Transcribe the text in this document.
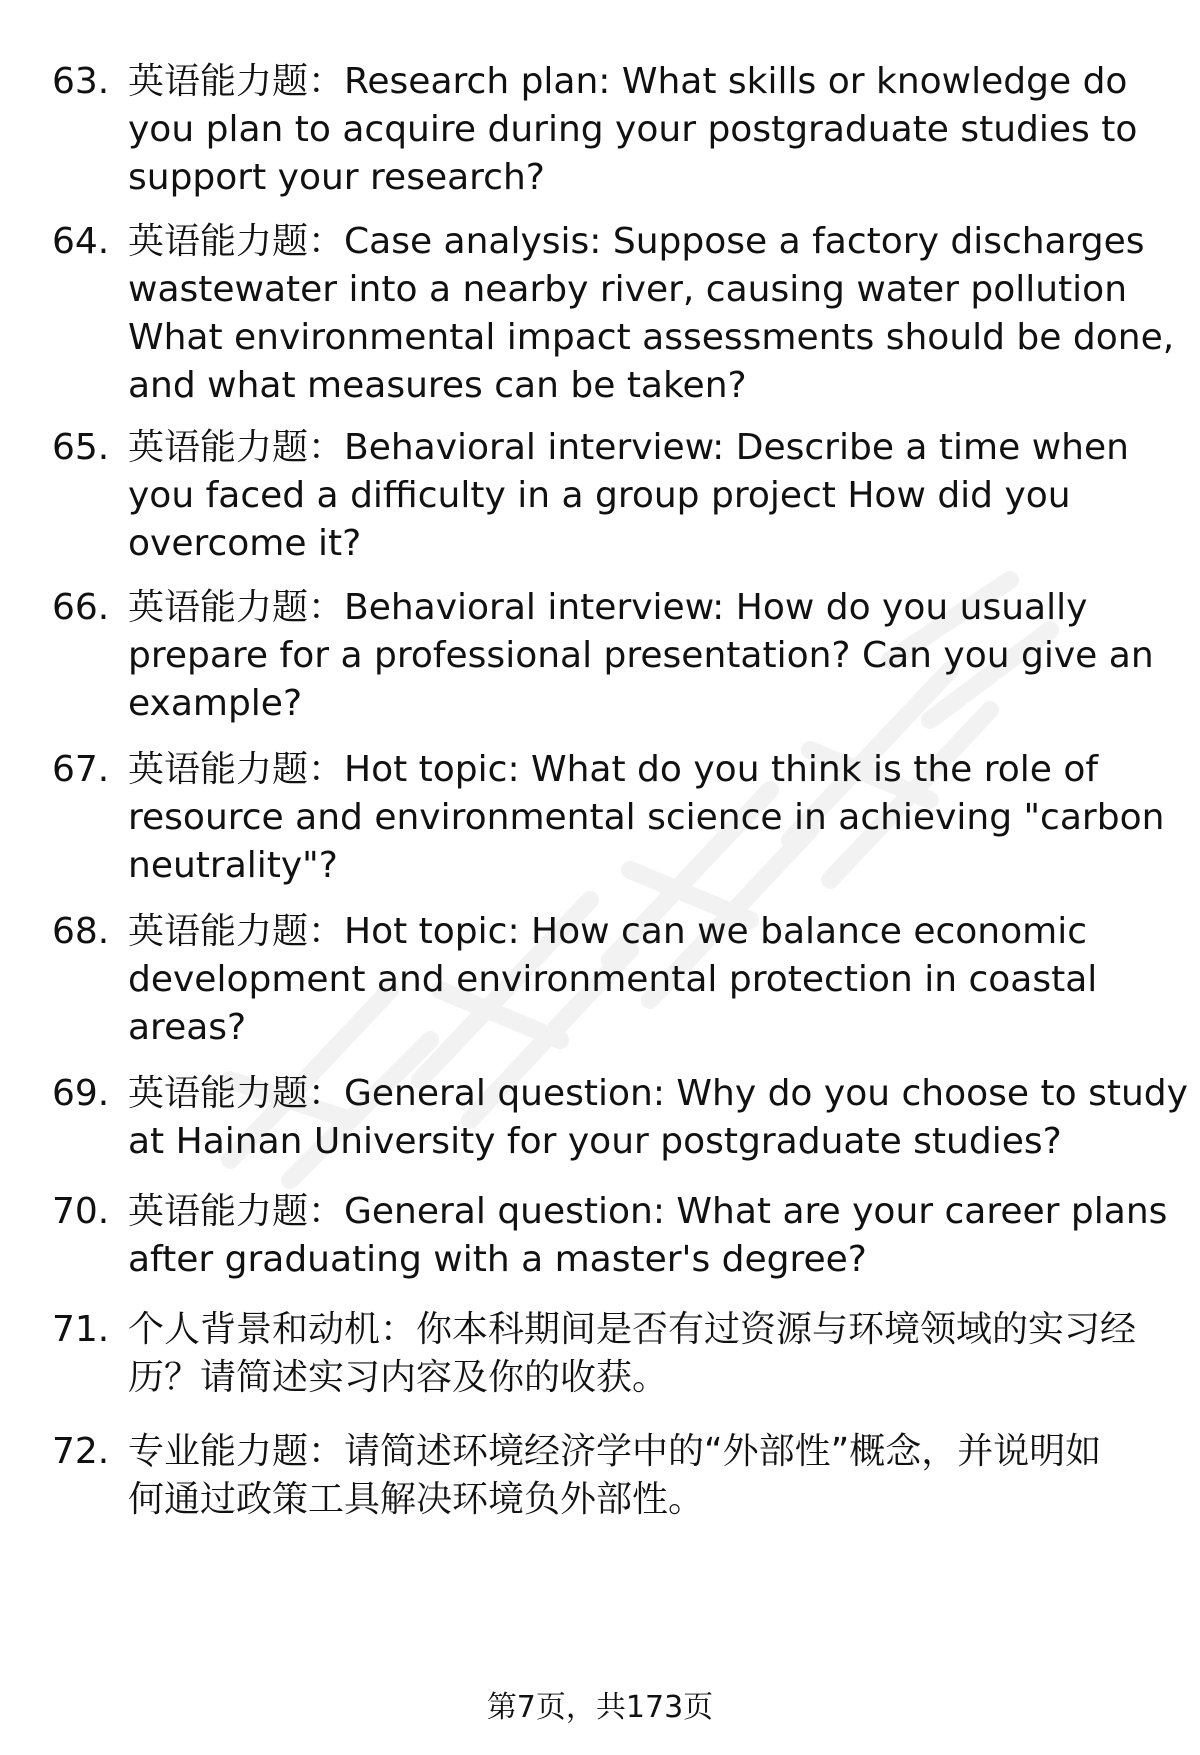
63. 英语能力题：Research plan: What skills or knowledge do
you plan to acquire during your postgraduate studies to
support your research?
64. 英语能力题：Case analysis: Suppose a factory discharges
wastewater into a nearby river, causing water pollution
What environmental impact assessments should be done,
and what measures can be taken?
65. 英语能力题：Behavioral interview: Describe a time when
you faced a difficulty in a group project How did you
overcome it?
66. 英语能力题：Behavioral interview: How do you usually
prepare for a professional presentation? Can you give an
example?
67. 英语能力题：Hot topic: What do you think is the role of
resource and environmental science in achieving "carbon
neutrality"?
68. 英语能力题：Hot topic: How can we balance economic
development and environmental protection in coastal
areas?
69. 英语能力题：General question: Why do you choose to study
at Hainan University for your postgraduate studies?
70. 英语能力题：General question: What are your career plans
after graduating with a master's degree?
71. 个人背景和动机：你本科期间是否有过资源与环境领域的实习经
历？请简述实习内容及你的收获。
72. 专业能力题：请简述环境经济学中的“外部性”概念，并说明如
何通过政策工具解决环境负外部性。
第7页，共173页
